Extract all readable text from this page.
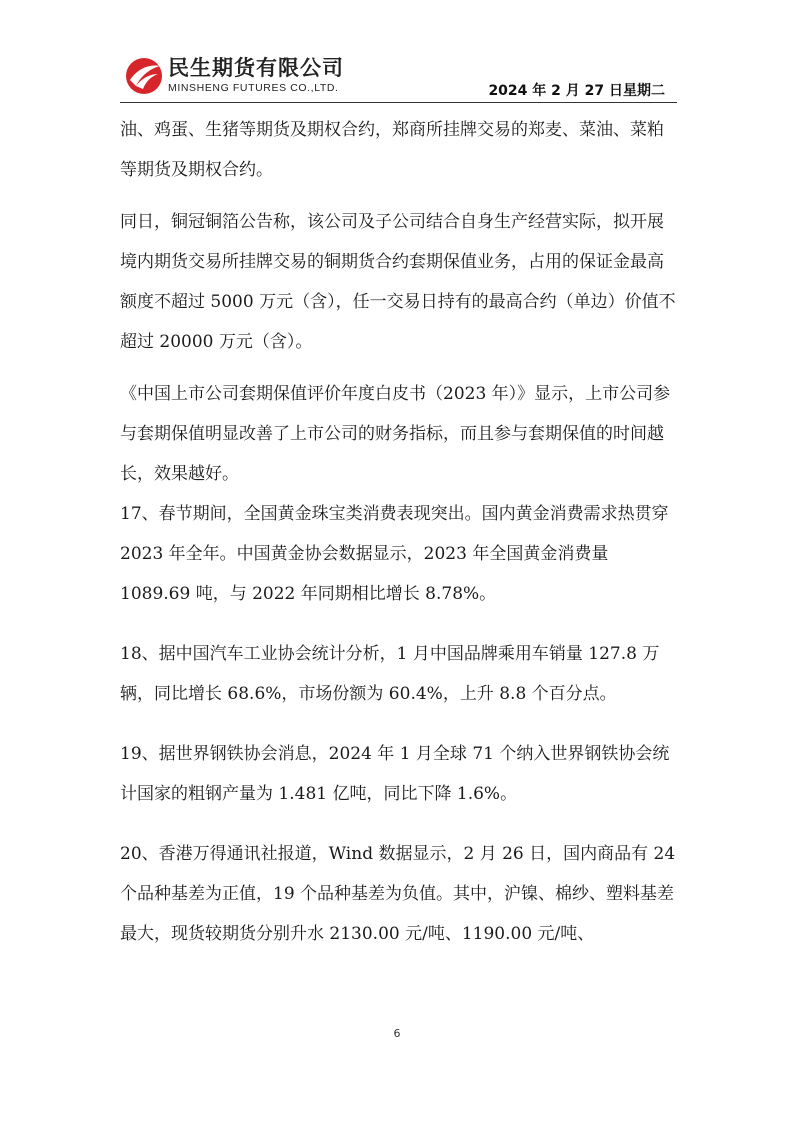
民生期货有限公司
MINSHENG FUTURES CO.,LTD.	2024 年 2 月 27 日星期二

油、鸡蛋、生猪等期货及期权合约，郑商所挂牌交易的郑麦、菜油、菜粕等期货及期权合约。

同日，铜冠铜箔公告称，该公司及子公司结合自身生产经营实际，拟开展境内期货交易所挂牌交易的铜期货合约套期保值业务，占用的保证金最高额度不超过 5000 万元（含），任一交易日持有的最高合约（单边）价值不超过 20000 万元（含）。

《中国上市公司套期保值评价年度白皮书（2023 年）》显示，上市公司参与套期保值明显改善了上市公司的财务指标，而且参与套期保值的时间越长，效果越好。

17、春节期间，全国黄金珠宝类消费表现突出。国内黄金消费需求热贯穿 2023 年全年。中国黄金协会数据显示，2023 年全国黄金消费量 1089.69 吨，与 2022 年同期相比增长 8.78%。

18、据中国汽车工业协会统计分析，1 月中国品牌乘用车销量 127.8 万辆，同比增长 68.6%，市场份额为 60.4%，上升 8.8 个百分点。

19、据世界钢铁协会消息，2024 年 1 月全球 71 个纳入世界钢铁协会统计国家的粗钢产量为 1.481 亿吨，同比下降 1.6%。

20、香港万得通讯社报道，Wind 数据显示，2 月 26 日，国内商品有 24 个品种基差为正值，19 个品种基差为负值。其中，沪镍、棉纱、塑料基差最大，现货较期货分别升水 2130.00 元/吨、1190.00 元/吨、

6
